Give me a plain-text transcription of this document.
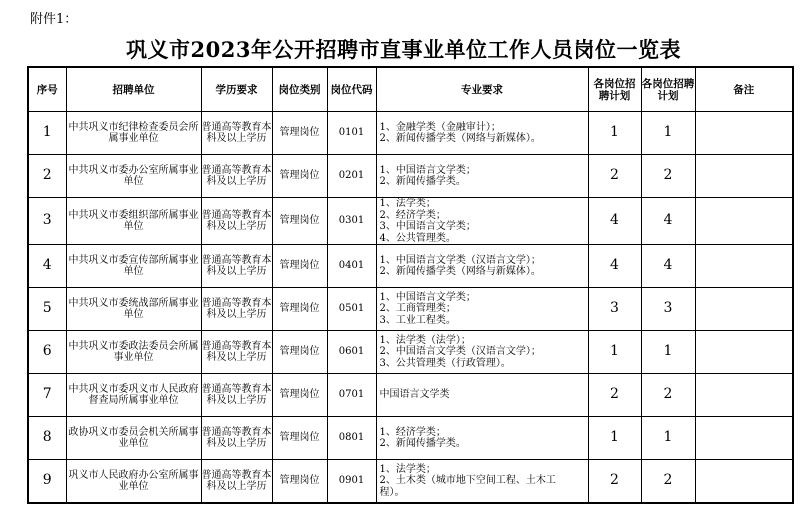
附件1：
巩义市2023年公开招聘市直事业单位工作人员岗位一览表
序号	招聘单位	学历要求	岗位类别	岗位代码	专业要求	各岗位招聘计划	各岗位招聘计划	备注
1	中共巩义市纪律检查委员会所属事业单位	普通高等教育本科及以上学历	管理岗位	0101	1、金融学类（金融审计）；
2、新闻传播学类（网络与新媒体）。	1	1	
2	中共巩义市委办公室所属事业单位	普通高等教育本科及以上学历	管理岗位	0201	1、中国语言文学类；
2、新闻传播学类。	2	2	
3	中共巩义市委组织部所属事业单位	普通高等教育本科及以上学历	管理岗位	0301	1、法学类；
2、经济学类；
3、中国语言文学类；
4、公共管理类。	4	4	
4	中共巩义市委宣传部所属事业单位	普通高等教育本科及以上学历	管理岗位	0401	1、中国语言文学类（汉语言文学）；
2、新闻传播学类（网络与新媒体）。	4	4	
5	中共巩义市委统战部所属事业单位	普通高等教育本科及以上学历	管理岗位	0501	1、中国语言文学类；
2、工商管理类；
3、工业工程类。	3	3	
6	中共巩义市委政法委员会所属事业单位	普通高等教育本科及以上学历	管理岗位	0601	1、法学类（法学）；
2、中国语言文学类（汉语言文学）；
3、公共管理类（行政管理）。	1	1	
7	中共巩义市委巩义市人民政府督查局所属事业单位	普通高等教育本科及以上学历	管理岗位	0701	中国语言文学类	2	2	
8	政协巩义市委员会机关所属事业单位	普通高等教育本科及以上学历	管理岗位	0801	1、经济学类；
2、新闻传播学类。	1	1	
9	巩义市人民政府办公室所属事业单位	普通高等教育本科及以上学历	管理岗位	0901	1、法学类；
2、土木类（城市地下空间工程、土木工
程）。	2	2	
